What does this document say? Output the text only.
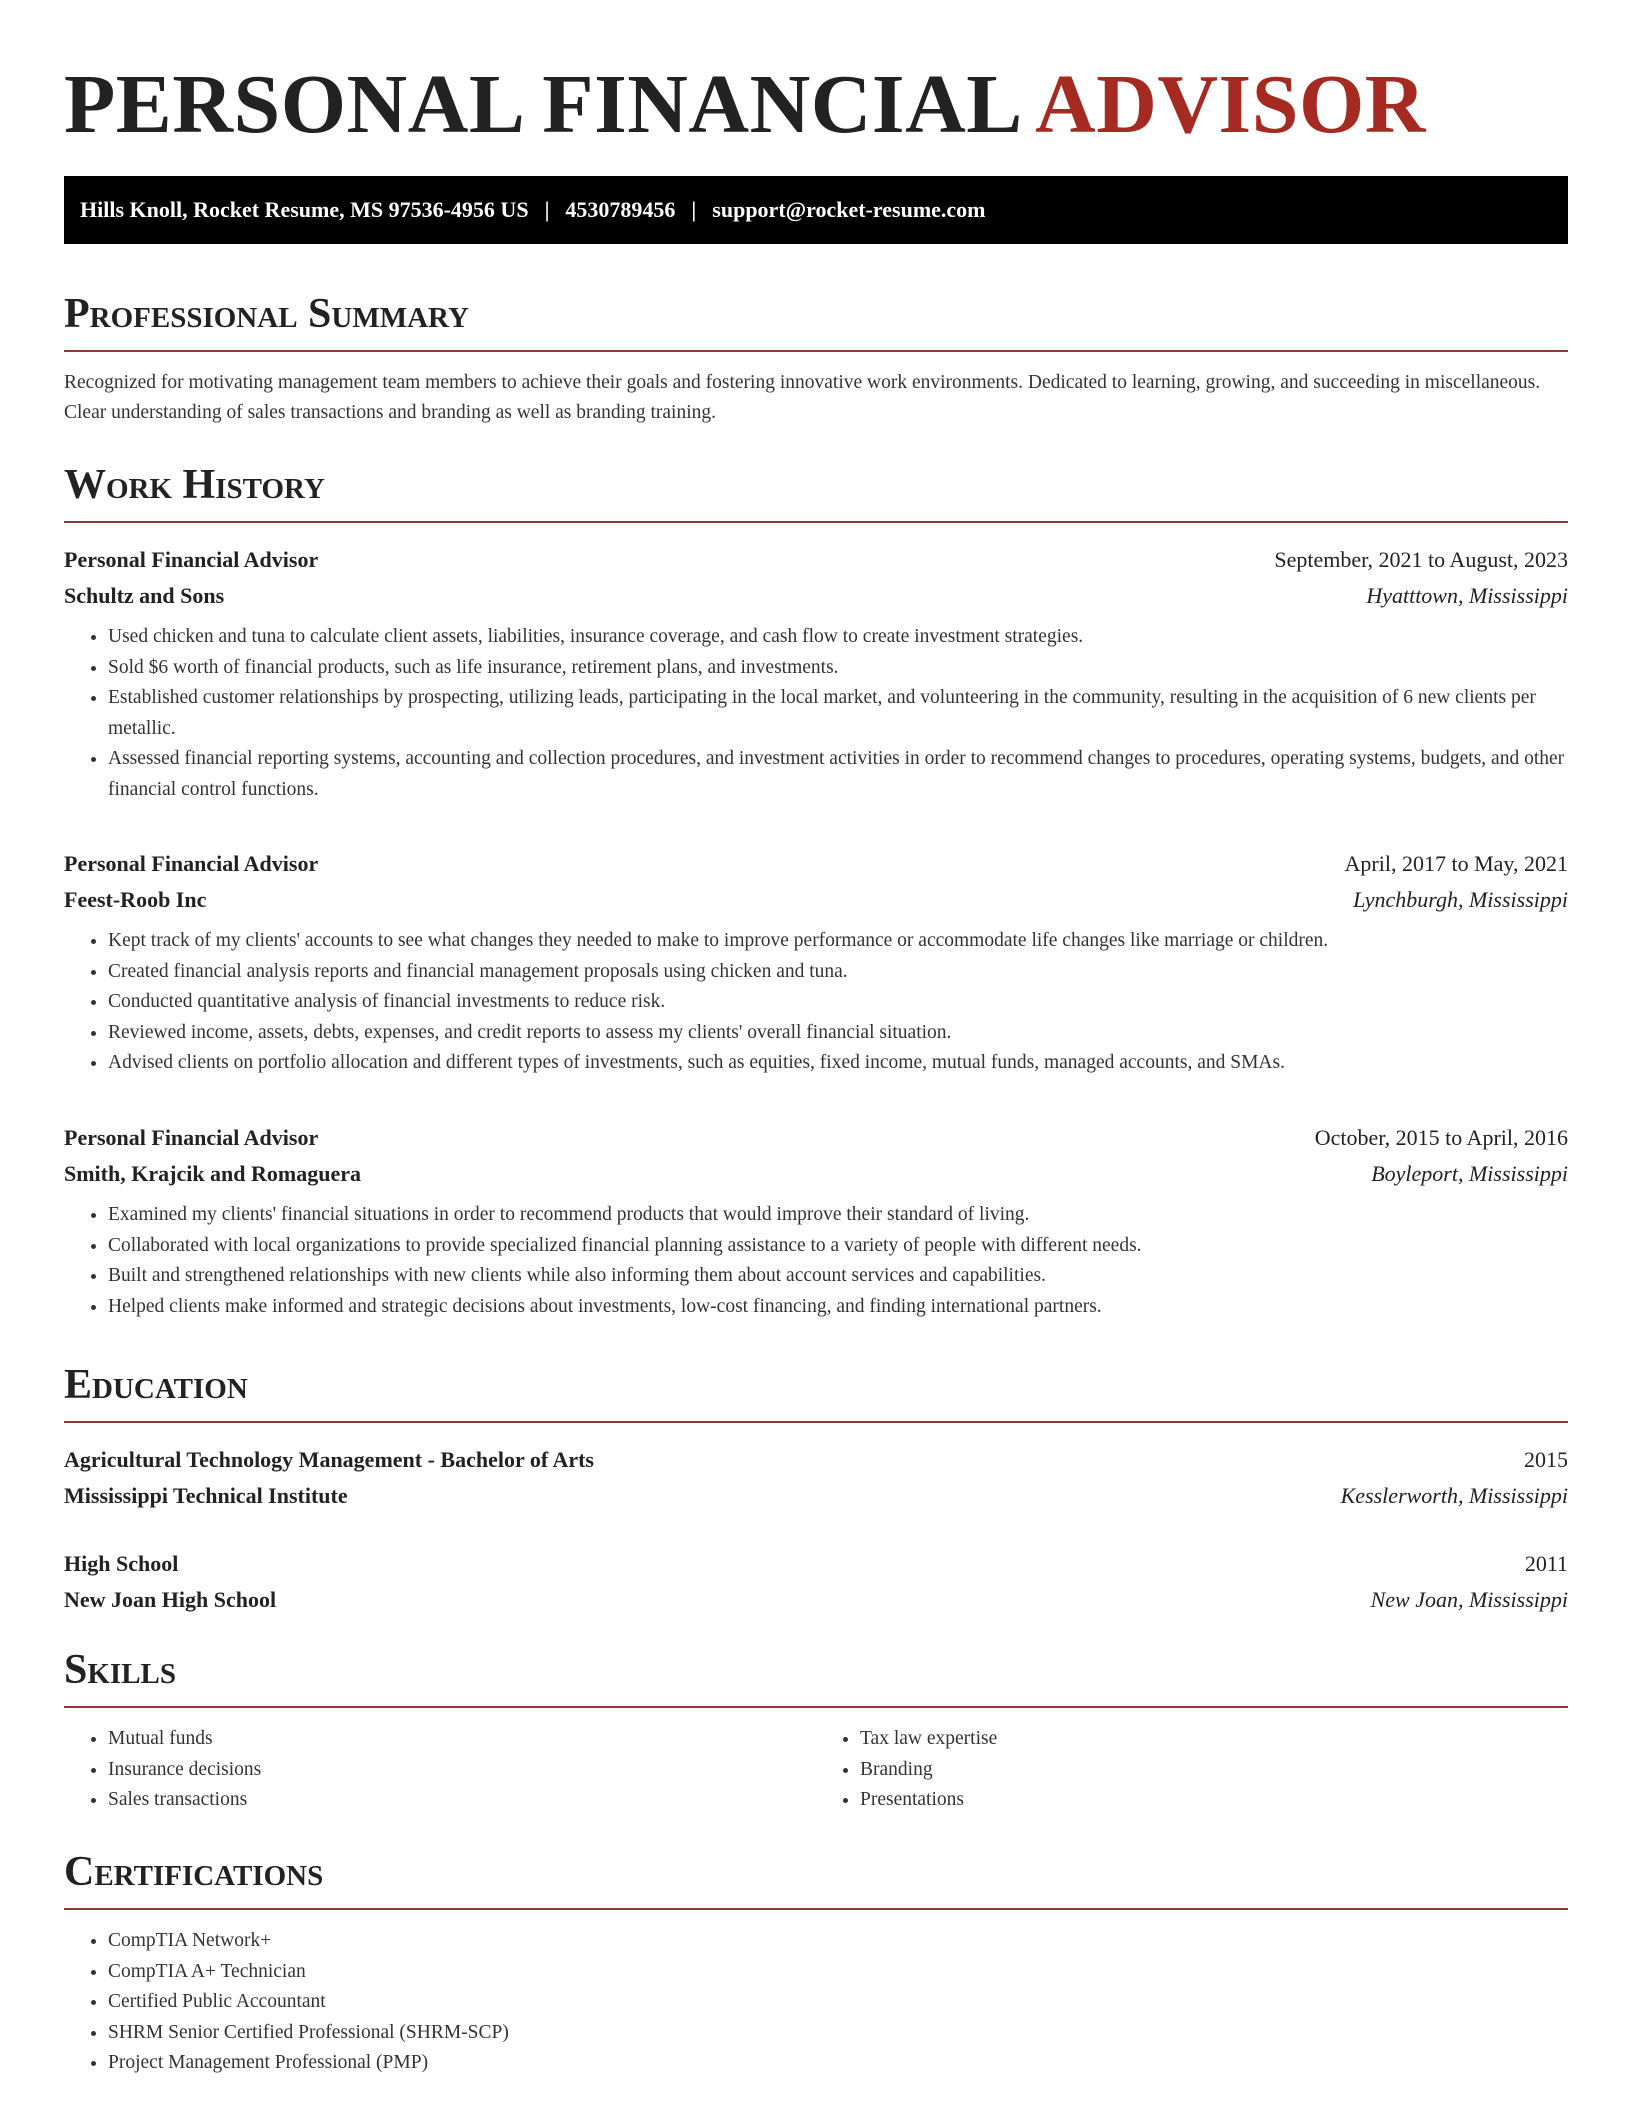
PERSONAL FINANCIAL ADVISOR
Hills Knoll, Rocket Resume, MS 97536-4956 US | 4530789456 | support@rocket-resume.com
Professional Summary

Recognized for motivating management team members to achieve their goals and fostering innovative work environments. Dedicated to learning, growing, and succeeding in miscellaneous. Clear understanding of sales transactions and branding as well as branding training.

Work History
Personal Financial Advisor	September, 2021 to August, 2023
Schultz and Sons	Hyatttown, Mississippi
• Used chicken and tuna to calculate client assets, liabilities, insurance coverage, and cash flow to create investment strategies.
• Sold $6 worth of financial products, such as life insurance, retirement plans, and investments.
• Established customer relationships by prospecting, utilizing leads, participating in the local market, and volunteering in the community, resulting in the acquisition of 6 new clients per metallic.
• Assessed financial reporting systems, accounting and collection procedures, and investment activities in order to recommend changes to procedures, operating systems, budgets, and other financial control functions.
Personal Financial Advisor	April, 2017 to May, 2021
Feest-Roob Inc	Lynchburgh, Mississippi
• Kept track of my clients' accounts to see what changes they needed to make to improve performance or accommodate life changes like marriage or children.
• Created financial analysis reports and financial management proposals using chicken and tuna.
• Conducted quantitative analysis of financial investments to reduce risk.
• Reviewed income, assets, debts, expenses, and credit reports to assess my clients' overall financial situation.
• Advised clients on portfolio allocation and different types of investments, such as equities, fixed income, mutual funds, managed accounts, and SMAs.
Personal Financial Advisor	October, 2015 to April, 2016
Smith, Krajcik and Romaguera	Boyleport, Mississippi
• Examined my clients' financial situations in order to recommend products that would improve their standard of living.
• Collaborated with local organizations to provide specialized financial planning assistance to a variety of people with different needs.
• Built and strengthened relationships with new clients while also informing them about account services and capabilities.
• Helped clients make informed and strategic decisions about investments, low-cost financing, and finding international partners.
Education
Agricultural Technology Management - Bachelor of Arts	2015
Mississippi Technical Institute	Kesslerworth, Mississippi
High School	2011
New Joan High School	New Joan, Mississippi
Skills
• Mutual funds
• Insurance decisions
• Sales transactions
• Tax law expertise
• Branding
• Presentations
Certifications
• CompTIA Network+
• CompTIA A+ Technician
• Certified Public Accountant
• SHRM Senior Certified Professional (SHRM-SCP)
• Project Management Professional (PMP)
